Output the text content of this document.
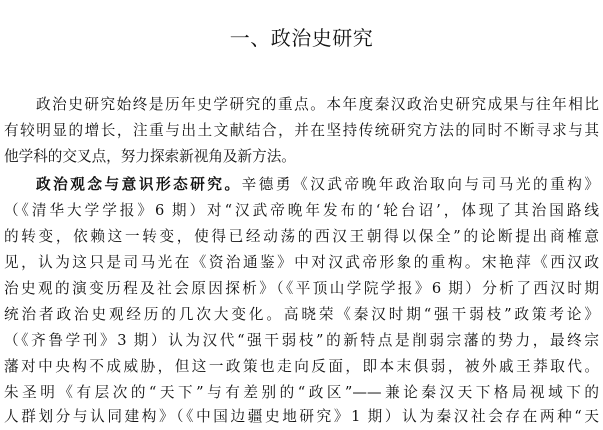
一、政治史研究
政治史研究始终是历年史学研究的重点。本年度秦汉政治史研究成果与往年相比
有较明显的增长，注重与出土文献结合，并在坚持传统研究方法的同时不断寻求与其
他学科的交叉点，努力探索新视角及新方法。
政治观念与意识形态研究。辛德勇《汉武帝晚年政治取向与司马光的重构》
（《清华大学学报》6 期）对“汉武帝晚年发布的‘轮台诏’，体现了其治国路线
的转变，依赖这一转变，使得已经动荡的西汉王朝得以保全”的论断提出商榷意
见，认为这只是司马光在《资治通鉴》中对汉武帝形象的重构。宋艳萍《西汉政
治史观的演变历程及社会原因探析》（《平顶山学院学报》6 期）分析了西汉时期
统治者政治史观经历的几次大变化。高晓荣《秦汉时期“强干弱枝”政策考论》
（《齐鲁学刊》3 期）认为汉代“强干弱枝”的新特点是削弱宗藩的势力，最终宗
藩对中央构不成威胁，但这一政策也走向反面，即本末俱弱，被外戚王莽取代。
朱圣明《有层次的“天下”与有差别的“政区”——兼论秦汉天下格局视域下的
人群划分与认同建构》（《中国边疆史地研究》1 期）认为秦汉社会存在两种“天
